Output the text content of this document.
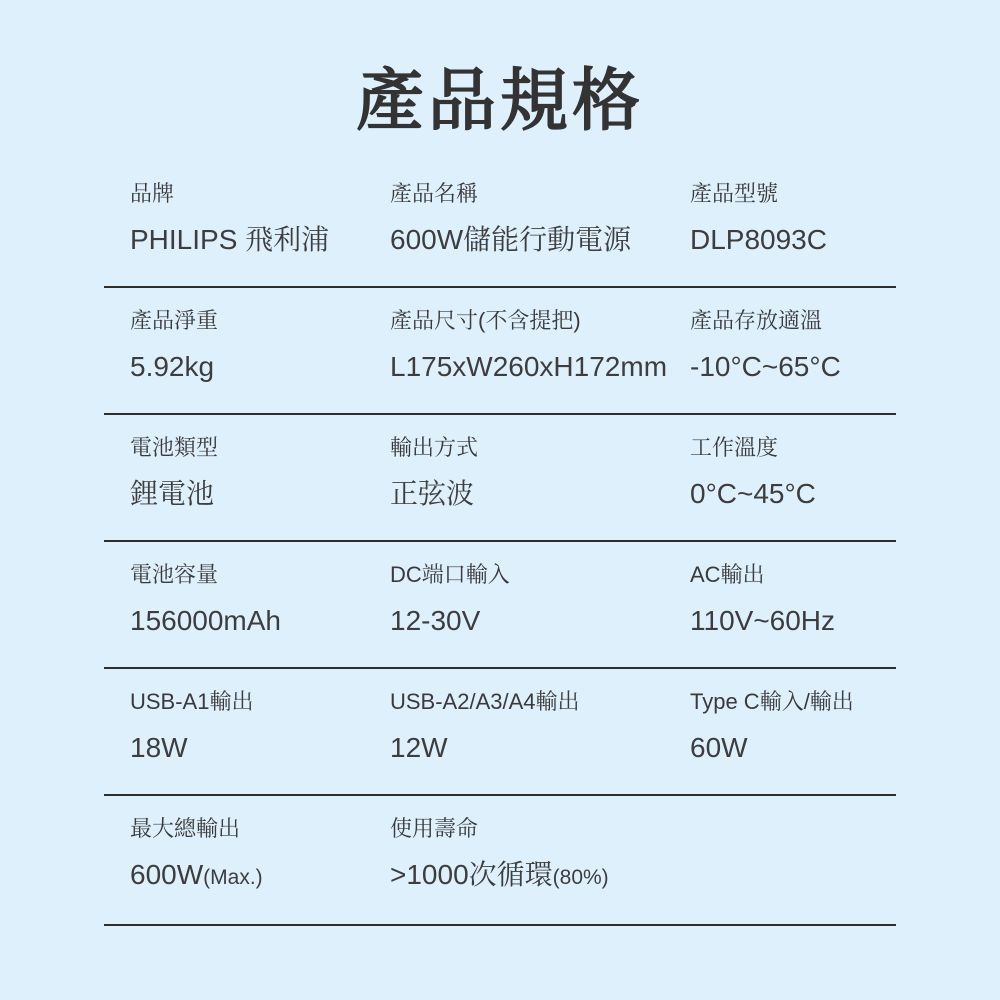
產品規格
品牌
PHILIPS 飛利浦
產品名稱
600W儲能行動電源
產品型號
DLP8093C
產品淨重
5.92kg
產品尺寸(不含提把)
L175xW260xH172mm
產品存放適溫
-10°C~65°C
電池類型
鋰電池
輸出方式
正弦波
工作溫度
0°C~45°C
電池容量
156000mAh
DC端口輸入
12-30V
AC輸出
110V~60Hz
USB-A1輸出
18W
USB-A2/A3/A4輸出
12W
Type C輸入/輸出
60W
最大總輸出
600W(Max.)
使用壽命
>1000次循環(80%)
